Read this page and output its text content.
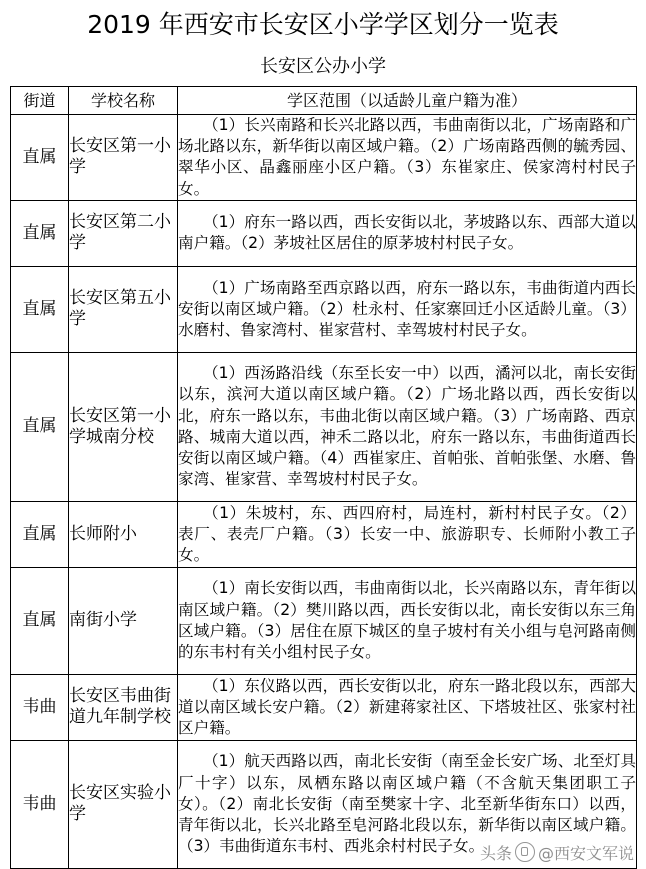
2019 年西安市长安区小学学区划分一览表
长安区公办小学
街道	学校名称	学区范围（以适龄儿童户籍为准）
直属	长安区第一小学	（1）长兴南路和长兴北路以西，韦曲南街以北，广场南路和广场北路以东，新华街以南区域户籍。（2）广场南路西侧的毓秀园、翠华小区、晶鑫丽座小区户籍。（3）东崔家庄、侯家湾村村民子女。
直属	长安区第二小学	（1）府东一路以西，西长安街以北，茅坡路以东、西部大道以南户籍。（2）茅坡社区居住的原茅坡村村民子女。
直属	长安区第五小学	（1）广场南路至西京路以西，府东一路以东，韦曲街道内西长安街以南区域户籍。（2）杜永村、任家寨回迁小区适龄儿童。（3）水磨村、鲁家湾村、崔家营村、幸驾坡村村民子女。
直属	长安区第一小学城南分校	（1）西汤路沿线（东至长安一中）以西，潏河以北，南长安街以东，滨河大道以南区域户籍。（2）广场北路以西，西长安街以北，府东一路以东，韦曲北街以南区域户籍。（3）广场南路、西京路、城南大道以西，神禾二路以北，府东一路以东，韦曲街道西长安街以南区域户籍。（4）西崔家庄、首帕张、首帕张堡、水磨、鲁家湾、崔家营、幸驾坡村村民子女。
直属	长师附小	（1）朱坡村，东、西四府村，局连村，新村村民子女。（2）表厂、表壳厂户籍。（3）长安一中、旅游职专、长师附小教工子女。
直属	南街小学	（1）南长安街以西，韦曲南街以北，长兴南路以东，青年街以南区域户籍。（2）樊川路以西，西长安街以北，南长安街以东三角区域户籍。（3）居住在原下城区的皇子坡村有关小组与皂河路南侧的东韦村有关小组村民子女。
韦曲	长安区韦曲街道九年制学校	（1）东仪路以西，西长安街以北，府东一路北段以东，西部大道以南区域长安户籍。（2）新建蒋家社区、下塔坡社区、张家村社区户籍。
韦曲	长安区实验小学	（1）航天西路以西，南北长安街（南至金长安广场、北至灯具厂十字）以东，凤栖东路以南区域户籍（不含航天集团职工子女）。（2）南北长安街（南至樊家十字、北至新华街东口）以西，青年街以北，长兴北路至皂河路北段以东，新华街以南区域户籍。（3）韦曲街道东韦村、西兆余村村民子女。
头条 @西安文军说
